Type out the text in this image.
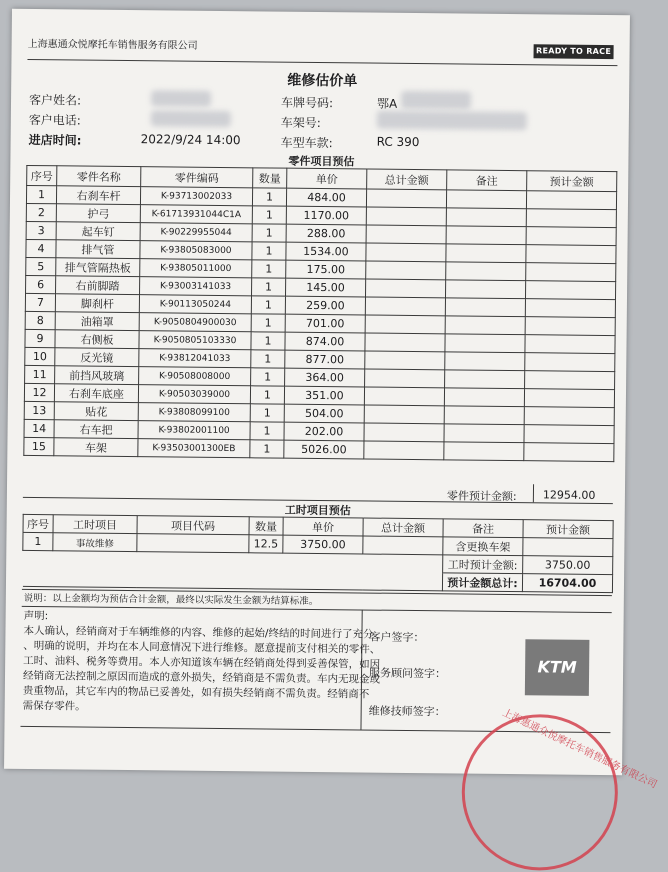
上海惠通众悦摩托车销售服务有限公司	READY TO RACE
维修估价单
客户姓名:
客户电话:
进店时间:	2022/9/24 14:00
车牌号码:	鄂A
车架号:
车型车款:	RC 390
零件项目预估
序号	零件名称	零件编码	数量	单价	总计金额	备注	预计金额
1	右刹车杆	K-93713002033	1	484.00			
2	护弓	K-61713931044C1A	1	1170.00			
3	起车钉	K-90229955044	1	288.00			
4	排气管	K-93805083000	1	1534.00			
5	排气管隔热板	K-93805011000	1	175.00			
6	右前脚踏	K-93003141033	1	145.00			
7	脚刹杆	K-90113050244	1	259.00			
8	油箱罩	K-9050804900030	1	701.00			
9	右侧板	K-9050805103330	1	874.00			
10	反光镜	K-93812041033	1	877.00			
11	前挡风玻璃	K-90508008000	1	364.00			
12	右刹车底座	K-90503039000	1	351.00			
13	贴花	K-93808099100	1	504.00			
14	右车把	K-93802001100	1	202.00			
15	车架	K-93503001300EB	1	5026.00			
零件预计金额: 12954.00
工时项目预估
序号	工时项目	项目代码	数量	单价	总计金额	备注	预计金额
1	事故维修		12.5	3750.00		含更换车架	
						工时预计金额:	3750.00
						预计金额总计:	16704.00
说明：以上金额均为预估合计金额，最终以实际发生金额为结算标准。
声明:
本人确认，经销商对于车辆维修的内容、维修的起始/终结的时间进行了充分
、明确的说明，并均在本人同意情况下进行维修。愿意提前支付相关的零件、
工时、油料、税务等费用。本人亦知道该车辆在经销商处得到妥善保管，如因
经销商无法控制之原因而造成的意外损失，经销商是不需负责。车内无现金或
贵重物品，其它车内的物品已妥善处，如有损失经销商不需负责。经销商不
需保存零件。
客户签字：
服务顾问签字：
维修技师签字：
KTM
上海惠通众悦摩托车销售服务有限公司
